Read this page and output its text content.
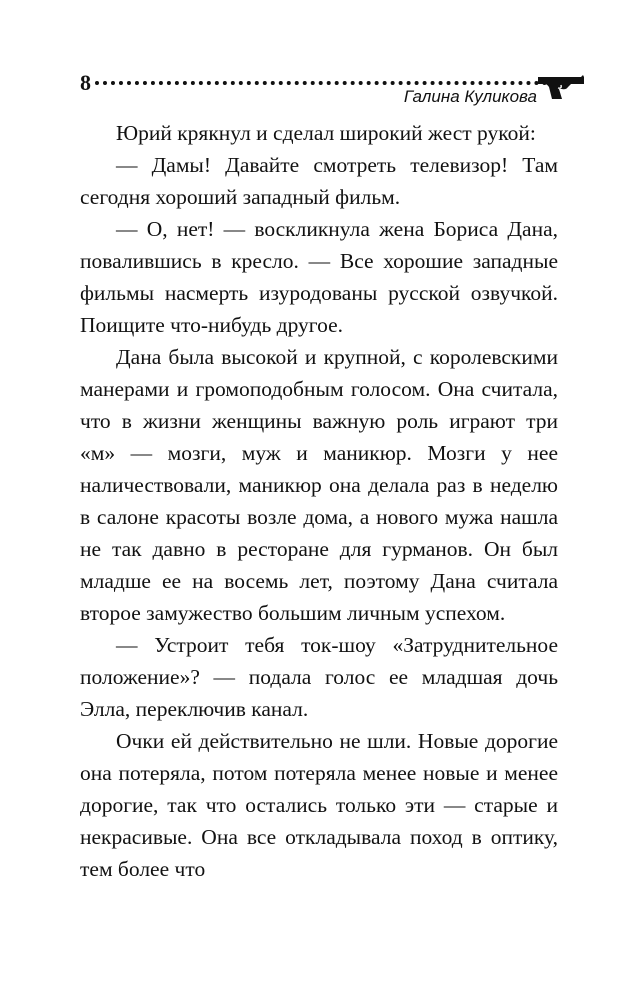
8
Галина Куликова

Юрий крякнул и сделал широкий жест рукой:

— Дамы! Давайте смотреть телевизор! Там сегодня хороший западный фильм.

— О, нет! — воскликнула жена Бориса Дана, повалившись в кресло. — Все хорошие западные фильмы насмерть изуродованы русской озвучкой. Поищите что-нибудь другое.

Дана была высокой и крупной, с королевскими манерами и громоподобным голосом. Она считала, что в жизни женщины важную роль играют три «м» — мозги, муж и маникюр. Мозги у нее наличествовали, маникюр она делала раз в неделю в салоне красоты возле дома, а нового мужа нашла не так давно в ресторане для гурманов. Он был младше ее на восемь лет, поэтому Дана считала второе замужество большим личным успехом.

— Устроит тебя ток-шоу «Затруднительное положение»? — подала голос ее младшая дочь Элла, переключив канал.

Очки ей действительно не шли. Новые дорогие она потеряла, потом потеряла менее новые и менее дорогие, так что остались только эти — старые и некрасивые. Она все откладывала поход в оптику, тем более что
